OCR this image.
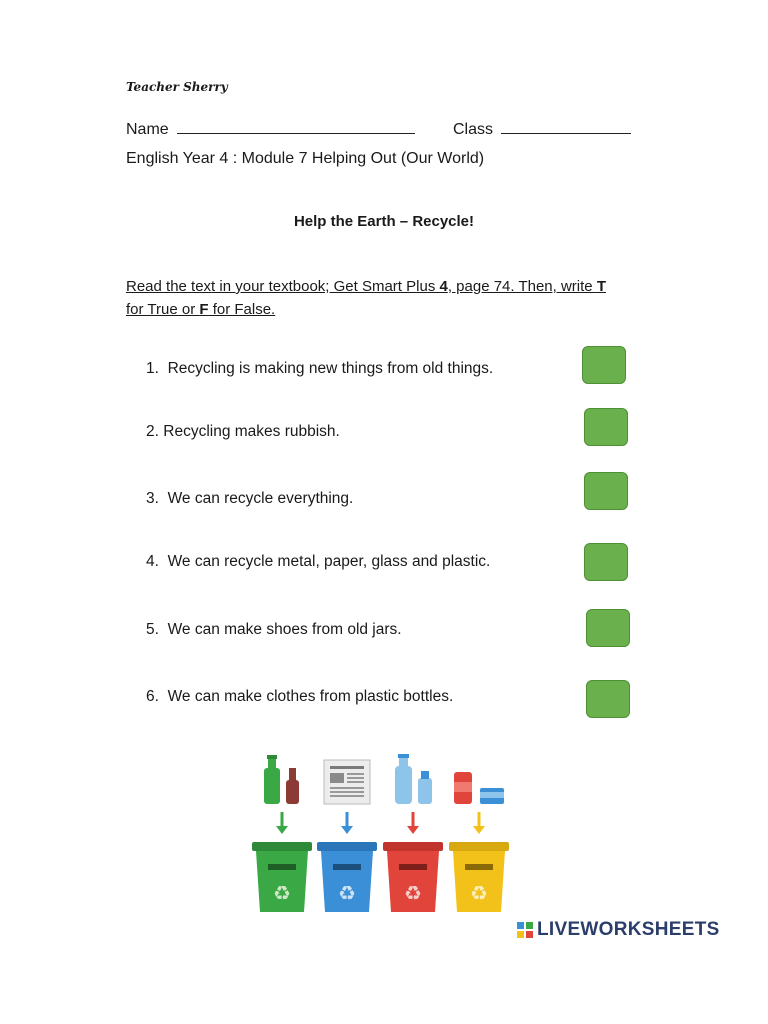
Teacher Sherry
Name	Class
English Year 4 : Module 7 Helping Out (Our World)
Help the Earth – Recycle!
Read the text in your textbook; Get Smart Plus 4, page 74. Then, write T for True or F for False.
1. Recycling is making new things from old things.
2. Recycling makes rubbish.
3. We can recycle everything.
4. We can recycle metal, paper, glass and plastic.
5. We can make shoes from old jars.
6. We can make clothes from plastic bottles.
♻ ♻ ♻ ♻
LIVEWORKSHEETS
